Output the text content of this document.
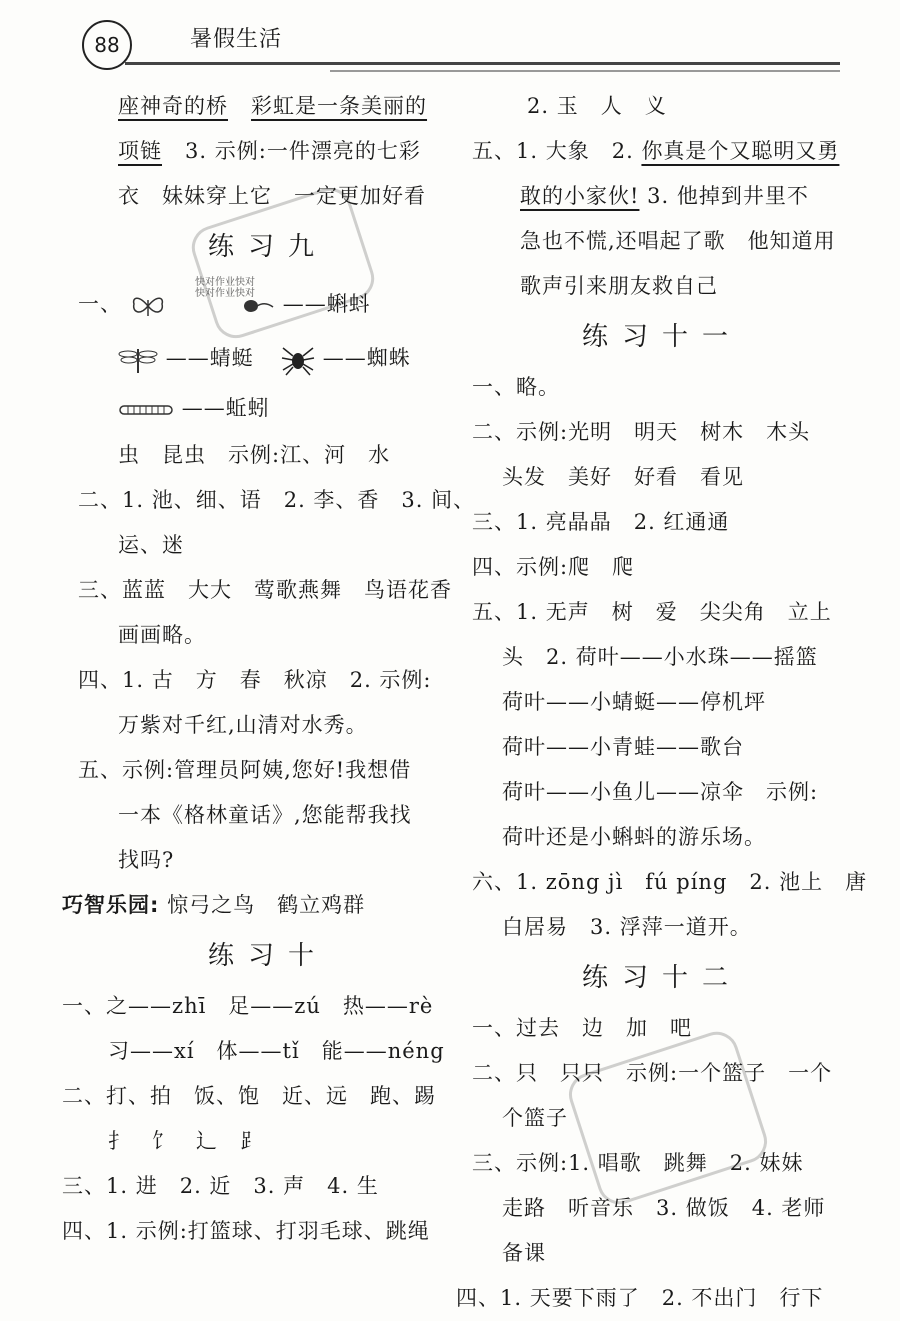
88	暑假生活
快对作业快对
快对作业快对
座神奇的桥 彩虹是一条美丽的
项链 3. 示例:一件漂亮的七彩
衣　妹妹穿上它　一定更加好看
练习九
一、
	——蝌蚪
——蜻蜓	——蜘蛛
——蚯蚓
虫　昆虫　示例:江、河　水
二、1. 池、细、语　2. 李、香　3. 间、
运、迷
三、蓝蓝　大大　莺歌燕舞　鸟语花香
画画略。
四、1. 古　方　春　秋凉　2. 示例:
万紫对千红,山清对水秀。
五、示例:管理员阿姨,您好!我想借
一本《格林童话》,您能帮我找
找吗?
巧智乐园: 惊弓之鸟　鹤立鸡群
练习十
一、之——zhī　足——zú　热——rè
习——xí　体——tǐ　能——néng
二、打、拍　饭、饱　近、远　跑、踢
扌　饣　辶　⻊
三、1. 进　2. 近　3. 声　4. 生
四、1. 示例:打篮球、打羽毛球、跳绳
2. 玉　人　义
五、1. 大象　2. 你真是个又聪明又勇
敢的小家伙! 3. 他掉到井里不
急也不慌,还唱起了歌　他知道用
歌声引来朋友救自己
练习十一
一、略。
二、示例:光明　明天　树木　木头
头发　美好　好看　看见
三、1. 亮晶晶　2. 红通通
四、示例:爬　爬
五、1. 无声　树　爱　尖尖角　立上
头　2. 荷叶——小水珠——摇篮
荷叶——小蜻蜓——停机坪
荷叶——小青蛙——歌台
荷叶——小鱼儿——凉伞　示例:
荷叶还是小蝌蚪的游乐场。
六、1. zōng jì　fú píng　2. 池上　唐
白居易　3. 浮萍一道开。
练习十二
一、过去　边　加　吧
二、只　只只　示例:一个篮子　一个
个篮子
三、示例:1. 唱歌　跳舞　2. 妹妹
走路　听音乐　3. 做饭　4. 老师
备课
四、1. 天要下雨了　2. 不出门　行下
